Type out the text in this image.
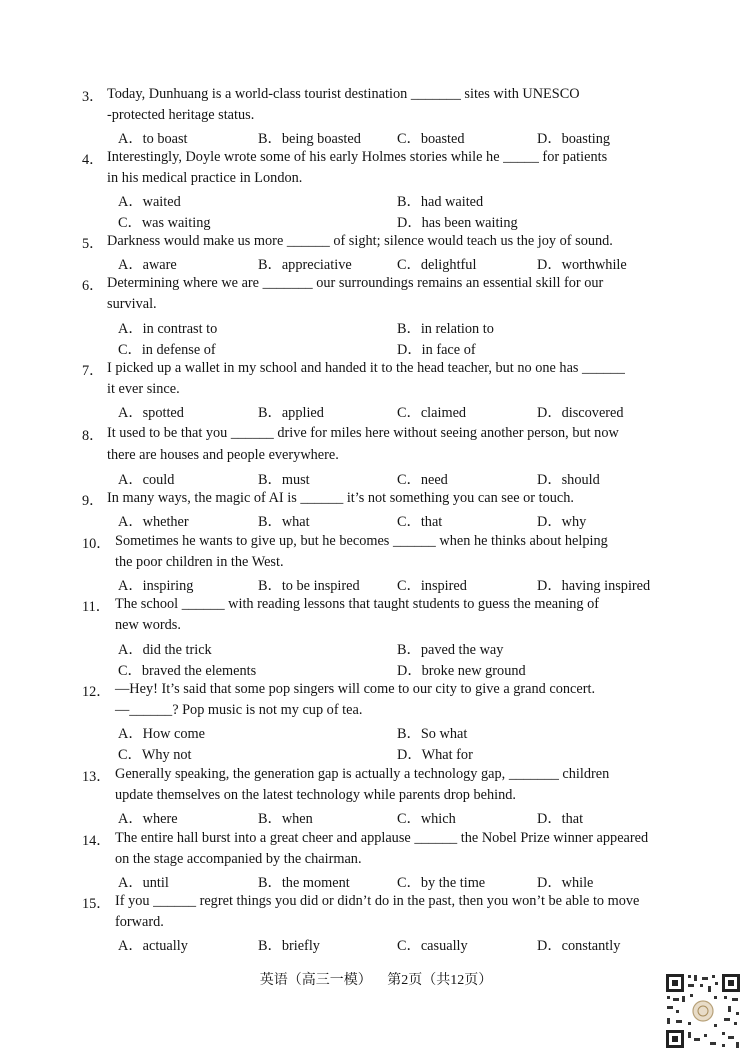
3． Today, Dunhuang is a world-class tourist destination _______ sites with UNESCO
-protected heritage status.
A．to boast	B．being boasted	C．boasted	D．boasting
4． Interestingly, Doyle wrote some of his early Holmes stories while he _____ for patients
in his medical practice in London.
A．waited	B．had waited
C．was waiting	D．has been waiting
5． Darkness would make us more ______ of sight; silence would teach us the joy of sound.
A．aware	B．appreciative	C．delightful	D．worthwhile
6． Determining where we are _______ our surroundings remains an essential skill for our
survival.
A．in contrast to	B．in relation to
C．in defense of	D．in face of
7． I picked up a wallet in my school and handed it to the head teacher, but no one has ______
it ever since.
A．spotted	B．applied	C．claimed	D．discovered
8． It used to be that you ______ drive for miles here without seeing another person, but now
there are houses and people everywhere.
A．could	B．must	C．need	D．should
9． In many ways, the magic of AI is ______ it’s not something you can see or touch.
A．whether	B．what	C．that	D．why
10． Sometimes he wants to give up, but he becomes ______ when he thinks about helping
the poor children in the West.
A．inspiring	B．to be inspired	C．inspired	D．having inspired
11． The school ______ with reading lessons that taught students to guess the meaning of
new words.
A．did the trick	B．paved the way
C．braved the elements	D．broke new ground
12． —Hey! It’s said that some pop singers will come to our city to give a grand concert.
—______? Pop music is not my cup of tea.
A．How come	B．So what
C．Why not	D．What for
13． Generally speaking, the generation gap is actually a technology gap, _______ children
update themselves on the latest technology while parents drop behind.
A．where	B．when	C．which	D．that
14． The entire hall burst into a great cheer and applause ______ the Nobel Prize winner appeared
on the stage accompanied by the chairman.
A．until	B．the moment	C．by the time	D．while
15． If you ______ regret things you did or didn’t do in the past, then you won’t be able to move
forward.
A．actually	B．briefly	C．casually	D．constantly
英语（高三一模） 第2页（共12页）
